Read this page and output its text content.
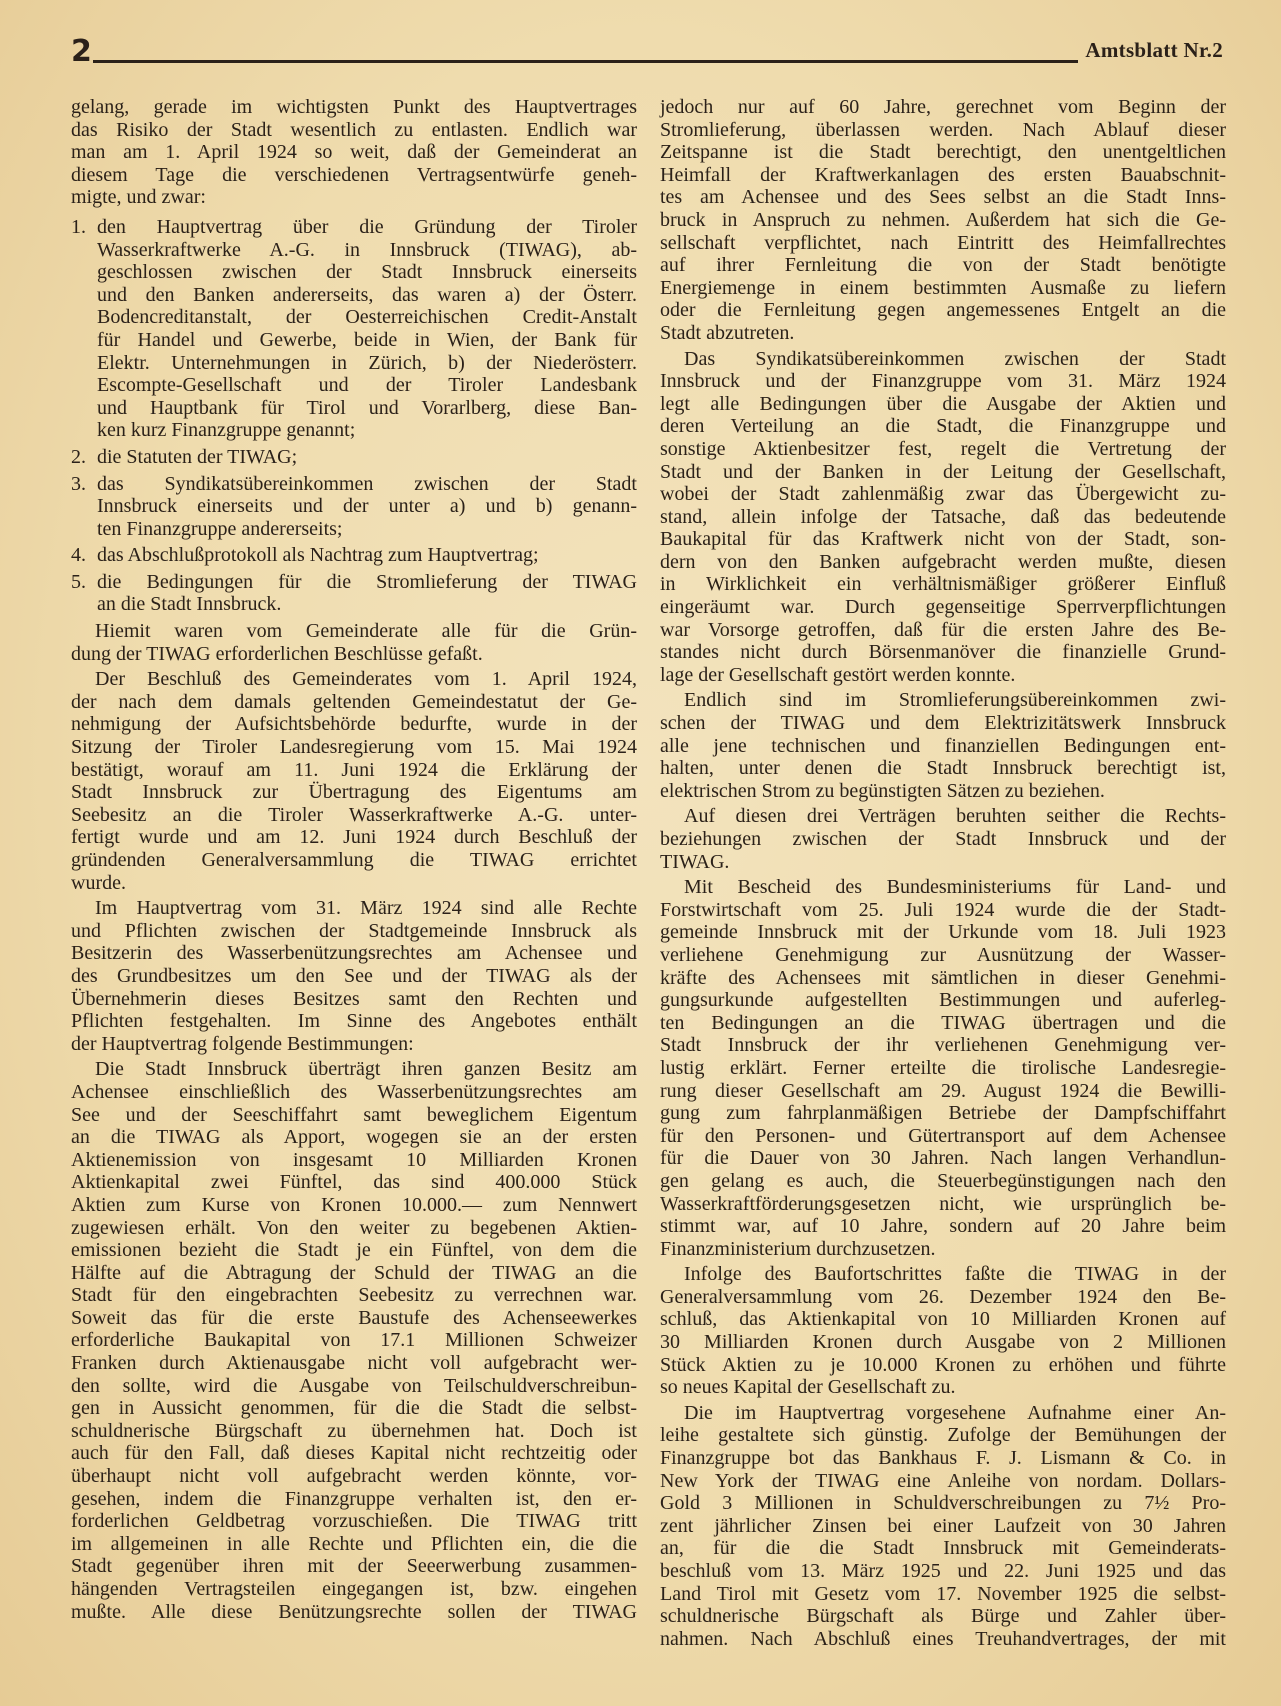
2	Amtsblatt Nr.2
gelang, gerade im wichtigsten Punkt des Hauptvertrages
das Risiko der Stadt wesentlich zu entlasten. Endlich war
man am 1. April 1924 so weit, daß der Gemeinderat an
diesem Tage die verschiedenen Vertragsentwürfe geneh-
migte, und zwar:
1. den Hauptvertrag über die Gründung der Tiroler
Wasserkraftwerke A.-G. in Innsbruck (TIWAG), ab-
geschlossen zwischen der Stadt Innsbruck einerseits
und den Banken andererseits, das waren a) der Österr.
Bodencreditanstalt, der Oesterreichischen Credit-Anstalt
für Handel und Gewerbe, beide in Wien, der Bank für
Elektr. Unternehmungen in Zürich, b) der Niederösterr.
Escompte-Gesellschaft und der Tiroler Landesbank
und Hauptbank für Tirol und Vorarlberg, diese Ban-
ken kurz Finanzgruppe genannt;
2. die Statuten der TIWAG;
3. das Syndikatsübereinkommen zwischen der Stadt
Innsbruck einerseits und der unter a) und b) genann-
ten Finanzgruppe andererseits;
4. das Abschlußprotokoll als Nachtrag zum Hauptvertrag;
5. die Bedingungen für die Stromlieferung der TIWAG
an die Stadt Innsbruck.
Hiemit waren vom Gemeinderate alle für die Grün-
dung der TIWAG erforderlichen Beschlüsse gefaßt.
Der Beschluß des Gemeinderates vom 1. April 1924,
der nach dem damals geltenden Gemeindestatut der Ge-
nehmigung der Aufsichtsbehörde bedurfte, wurde in der
Sitzung der Tiroler Landesregierung vom 15. Mai 1924
bestätigt, worauf am 11. Juni 1924 die Erklärung der
Stadt Innsbruck zur Übertragung des Eigentums am
Seebesitz an die Tiroler Wasserkraftwerke A.-G. unter-
fertigt wurde und am 12. Juni 1924 durch Beschluß der
gründenden Generalversammlung die TIWAG errichtet
wurde.
Im Hauptvertrag vom 31. März 1924 sind alle Rechte
und Pflichten zwischen der Stadtgemeinde Innsbruck als
Besitzerin des Wasserbenützungsrechtes am Achensee und
des Grundbesitzes um den See und der TIWAG als der
Übernehmerin dieses Besitzes samt den Rechten und
Pflichten festgehalten. Im Sinne des Angebotes enthält
der Hauptvertrag folgende Bestimmungen:
Die Stadt Innsbruck überträgt ihren ganzen Besitz am
Achensee einschließlich des Wasserbenützungsrechtes am
See und der Seeschiffahrt samt beweglichem Eigentum
an die TIWAG als Apport, wogegen sie an der ersten
Aktienemission von insgesamt 10 Milliarden Kronen
Aktienkapital zwei Fünftel, das sind 400.000 Stück
Aktien zum Kurse von Kronen 10.000.— zum Nennwert
zugewiesen erhält. Von den weiter zu begebenen Aktien-
emissionen bezieht die Stadt je ein Fünftel, von dem die
Hälfte auf die Abtragung der Schuld der TIWAG an die
Stadt für den eingebrachten Seebesitz zu verrechnen war.
Soweit das für die erste Baustufe des Achenseewerkes
erforderliche Baukapital von 17.1 Millionen Schweizer
Franken durch Aktienausgabe nicht voll aufgebracht wer-
den sollte, wird die Ausgabe von Teilschuldverschreibun-
gen in Aussicht genommen, für die die Stadt die selbst-
schuldnerische Bürgschaft zu übernehmen hat. Doch ist
auch für den Fall, daß dieses Kapital nicht rechtzeitig oder
überhaupt nicht voll aufgebracht werden könnte, vor-
gesehen, indem die Finanzgruppe verhalten ist, den er-
forderlichen Geldbetrag vorzuschießen. Die TIWAG tritt
im allgemeinen in alle Rechte und Pflichten ein, die die
Stadt gegenüber ihren mit der Seeerwerbung zusammen-
hängenden Vertragsteilen eingegangen ist, bzw. eingehen
mußte. Alle diese Benützungsrechte sollen der TIWAG
jedoch nur auf 60 Jahre, gerechnet vom Beginn der
Stromlieferung, überlassen werden. Nach Ablauf dieser
Zeitspanne ist die Stadt berechtigt, den unentgeltlichen
Heimfall der Kraftwerkanlagen des ersten Bauabschnit-
tes am Achensee und des Sees selbst an die Stadt Inns-
bruck in Anspruch zu nehmen. Außerdem hat sich die Ge-
sellschaft verpflichtet, nach Eintritt des Heimfallrechtes
auf ihrer Fernleitung die von der Stadt benötigte
Energiemenge in einem bestimmten Ausmaße zu liefern
oder die Fernleitung gegen angemessenes Entgelt an die
Stadt abzutreten.
Das Syndikatsübereinkommen zwischen der Stadt
Innsbruck und der Finanzgruppe vom 31. März 1924
legt alle Bedingungen über die Ausgabe der Aktien und
deren Verteilung an die Stadt, die Finanzgruppe und
sonstige Aktienbesitzer fest, regelt die Vertretung der
Stadt und der Banken in der Leitung der Gesellschaft,
wobei der Stadt zahlenmäßig zwar das Übergewicht zu-
stand, allein infolge der Tatsache, daß das bedeutende
Baukapital für das Kraftwerk nicht von der Stadt, son-
dern von den Banken aufgebracht werden mußte, diesen
in Wirklichkeit ein verhältnismäßiger größerer Einfluß
eingeräumt war. Durch gegenseitige Sperrverpflichtungen
war Vorsorge getroffen, daß für die ersten Jahre des Be-
standes nicht durch Börsenmanöver die finanzielle Grund-
lage der Gesellschaft gestört werden konnte.
Endlich sind im Stromlieferungsübereinkommen zwi-
schen der TIWAG und dem Elektrizitätswerk Innsbruck
alle jene technischen und finanziellen Bedingungen ent-
halten, unter denen die Stadt Innsbruck berechtigt ist,
elektrischen Strom zu begünstigten Sätzen zu beziehen.
Auf diesen drei Verträgen beruhten seither die Rechts-
beziehungen zwischen der Stadt Innsbruck und der
TIWAG.
Mit Bescheid des Bundesministeriums für Land- und
Forstwirtschaft vom 25. Juli 1924 wurde die der Stadt-
gemeinde Innsbruck mit der Urkunde vom 18. Juli 1923
verliehene Genehmigung zur Ausnützung der Wasser-
kräfte des Achensees mit sämtlichen in dieser Genehmi-
gungsurkunde aufgestellten Bestimmungen und auferleg-
ten Bedingungen an die TIWAG übertragen und die
Stadt Innsbruck der ihr verliehenen Genehmigung ver-
lustig erklärt. Ferner erteilte die tirolische Landesregie-
rung dieser Gesellschaft am 29. August 1924 die Bewilli-
gung zum fahrplanmäßigen Betriebe der Dampfschiffahrt
für den Personen- und Gütertransport auf dem Achensee
für die Dauer von 30 Jahren. Nach langen Verhandlun-
gen gelang es auch, die Steuerbegünstigungen nach den
Wasserkraftförderungsgesetzen nicht, wie ursprünglich be-
stimmt war, auf 10 Jahre, sondern auf 20 Jahre beim
Finanzministerium durchzusetzen.
Infolge des Baufortschrittes faßte die TIWAG in der
Generalversammlung vom 26. Dezember 1924 den Be-
schluß, das Aktienkapital von 10 Milliarden Kronen auf
30 Milliarden Kronen durch Ausgabe von 2 Millionen
Stück Aktien zu je 10.000 Kronen zu erhöhen und führte
so neues Kapital der Gesellschaft zu.
Die im Hauptvertrag vorgesehene Aufnahme einer An-
leihe gestaltete sich günstig. Zufolge der Bemühungen der
Finanzgruppe bot das Bankhaus F. J. Lismann & Co. in
New York der TIWAG eine Anleihe von nordam. Dollars-
Gold 3 Millionen in Schuldverschreibungen zu 7½ Pro-
zent jährlicher Zinsen bei einer Laufzeit von 30 Jahren
an, für die die Stadt Innsbruck mit Gemeinderats-
beschluß vom 13. März 1925 und 22. Juni 1925 und das
Land Tirol mit Gesetz vom 17. November 1925 die selbst-
schuldnerische Bürgschaft als Bürge und Zahler über-
nahmen. Nach Abschluß eines Treuhandvertrages, der mit
